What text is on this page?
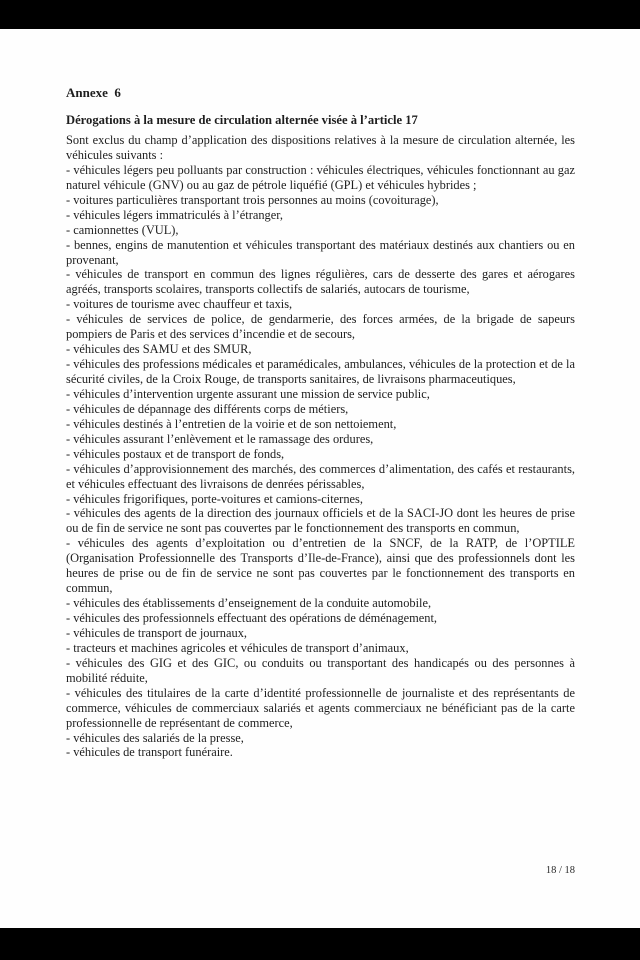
Annexe  6
Dérogations à la mesure de circulation alternée visée à l’article 17
Sont exclus du champ d’application des dispositions relatives à la mesure de circulation alternée, les véhicules suivants :
- véhicules légers peu polluants par construction : véhicules électriques, véhicules fonctionnant au gaz naturel véhicule (GNV) ou au gaz de pétrole liquéfié (GPL) et véhicules hybrides ;
- voitures particulières transportant trois personnes au moins (covoiturage),
- véhicules légers immatriculés à l’étranger,
- camionnettes (VUL),
- bennes, engins de manutention et véhicules transportant des matériaux destinés aux chantiers ou en provenant,
- véhicules de transport en commun des lignes régulières, cars de desserte des gares et aérogares agréés, transports scolaires, transports collectifs de salariés, autocars de tourisme,
- voitures de tourisme avec chauffeur et taxis,
- véhicules de services de police, de gendarmerie, des forces armées, de la brigade de sapeurs pompiers de Paris et des services d’incendie et de secours,
- véhicules des SAMU et des SMUR,
- véhicules des professions médicales et paramédicales, ambulances, véhicules de la protection et de la sécurité civiles, de la Croix Rouge, de transports sanitaires, de livraisons pharmaceutiques,
- véhicules d’intervention urgente assurant une mission de service public,
- véhicules de dépannage des différents corps de métiers,
- véhicules destinés à l’entretien de la voirie et de son nettoiement,
- véhicules assurant l’enlèvement et le ramassage des ordures,
- véhicules postaux et de transport de fonds,
- véhicules d’approvisionnement des marchés, des commerces d’alimentation, des cafés et restaurants, et véhicules effectuant des livraisons de denrées périssables,
- véhicules frigorifiques, porte-voitures et camions-citernes,
- véhicules des agents de la direction des journaux officiels et de la SACI-JO dont les heures de prise ou de fin de service ne sont pas couvertes par le fonctionnement des transports en commun,
- véhicules des agents d’exploitation ou d’entretien de la SNCF, de la RATP, de l’OPTILE (Organisation Professionnelle des Transports d’Ile-de-France), ainsi que des professionnels dont les heures de prise ou de fin de service ne sont pas couvertes par le fonctionnement des transports en commun,
- véhicules des établissements d’enseignement de la conduite automobile,
- véhicules des professionnels effectuant des opérations de déménagement,
- véhicules de transport de journaux,
- tracteurs et machines agricoles et véhicules de transport d’animaux,
- véhicules des GIG et des GIC, ou conduits ou transportant des handicapés ou des personnes à mobilité réduite,
- véhicules des titulaires de la carte d’identité professionnelle de journaliste et des représentants de commerce, véhicules de commerciaux salariés et agents commerciaux ne bénéficiant pas de la carte professionnelle de représentant de commerce,
- véhicules des salariés de la presse,
- véhicules de transport funéraire.
18 / 18
